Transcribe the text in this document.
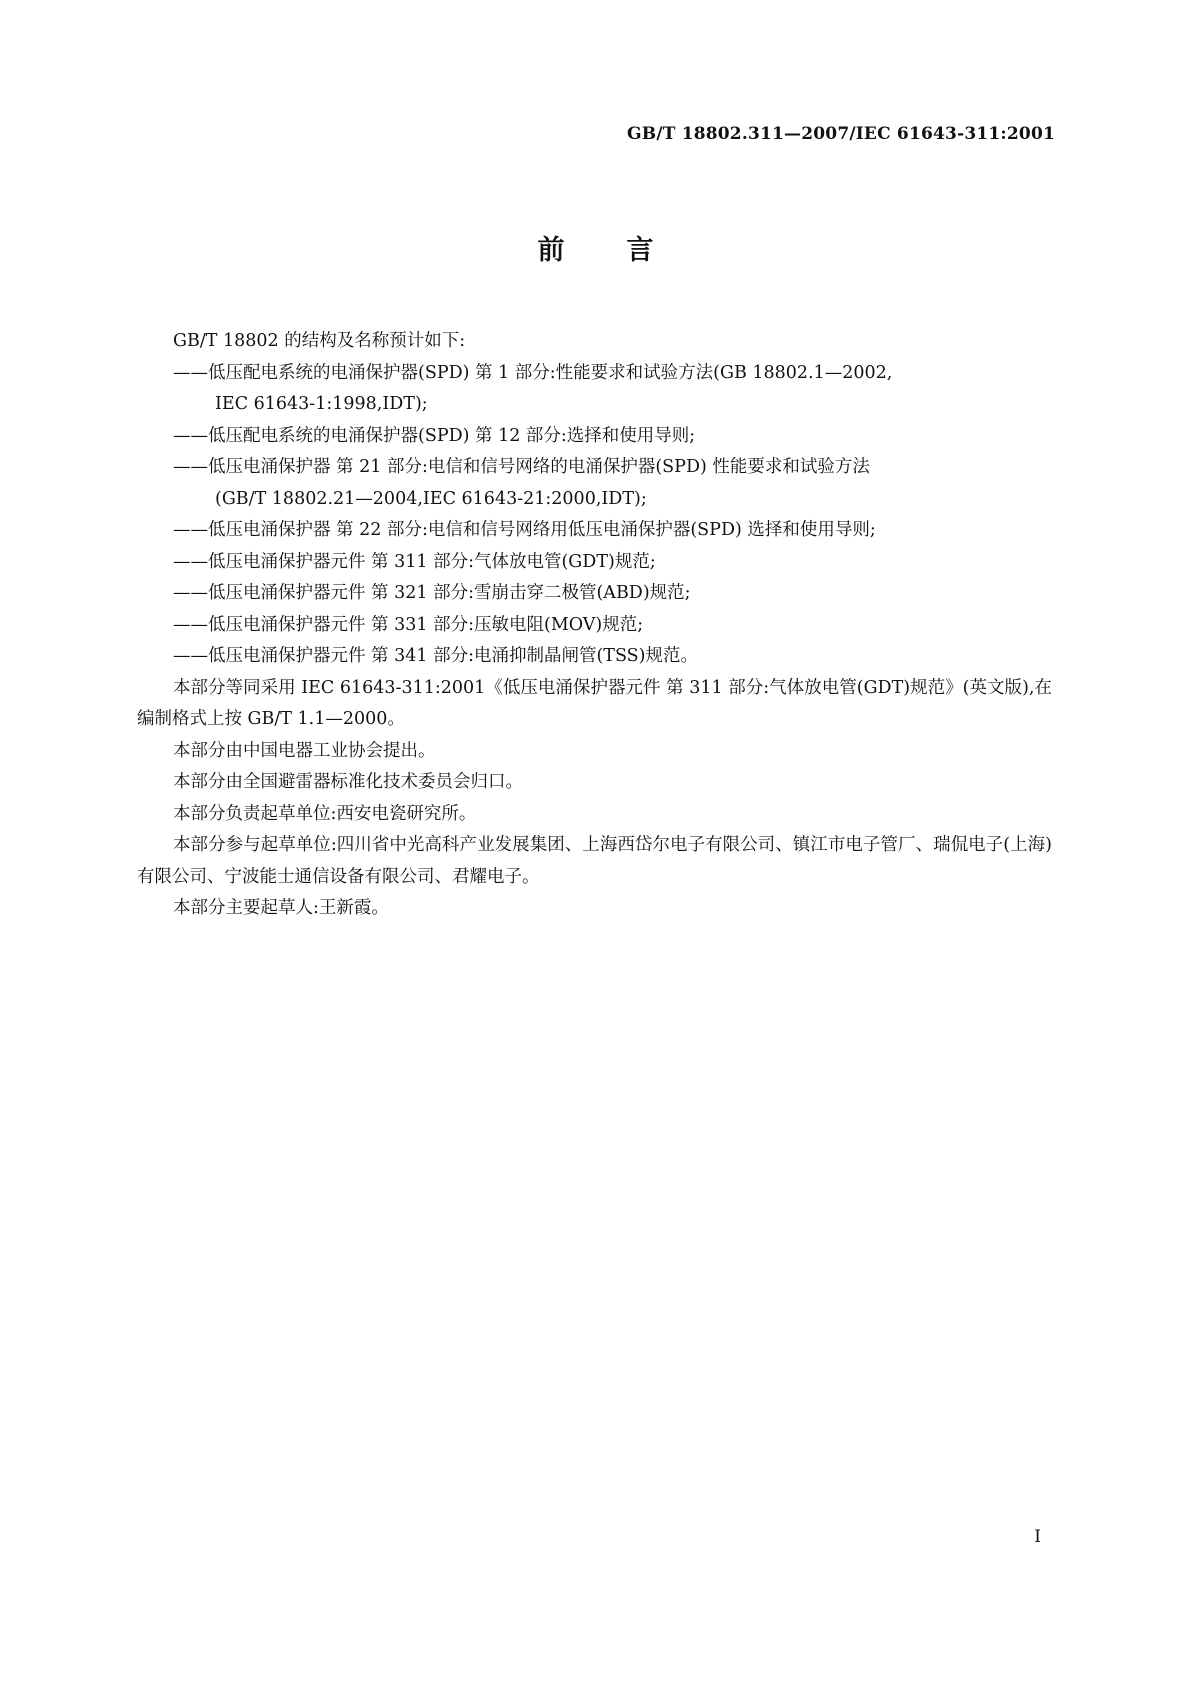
GB/T 18802.311—2007/IEC 61643-311:2001
前 言

GB/T 18802 的结构及名称预计如下:

——低压配电系统的电涌保护器(SPD) 第 1 部分:性能要求和试验方法(GB 18802.1—2002,

IEC 61643-1:1998,IDT);

——低压配电系统的电涌保护器(SPD) 第 12 部分:选择和使用导则;

——低压电涌保护器 第 21 部分:电信和信号网络的电涌保护器(SPD) 性能要求和试验方法

(GB/T 18802.21—2004,IEC 61643-21:2000,IDT);

——低压电涌保护器 第 22 部分:电信和信号网络用低压电涌保护器(SPD) 选择和使用导则;

——低压电涌保护器元件 第 311 部分:气体放电管(GDT)规范;

——低压电涌保护器元件 第 321 部分:雪崩击穿二极管(ABD)规范;

——低压电涌保护器元件 第 331 部分:压敏电阻(MOV)规范;

——低压电涌保护器元件 第 341 部分:电涌抑制晶闸管(TSS)规范。

本部分等同采用 IEC 61643-311:2001《低压电涌保护器元件 第 311 部分:气体放电管(GDT)规范》(英文版),在编制格式上按 GB/T 1.1—2000。

本部分由中国电器工业协会提出。

本部分由全国避雷器标准化技术委员会归口。

本部分负责起草单位:西安电瓷研究所。

本部分参与起草单位:四川省中光高科产业发展集团、上海西岱尔电子有限公司、镇江市电子管厂、瑞侃电子(上海)有限公司、宁波能士通信设备有限公司、君耀电子。

本部分主要起草人:王新霞。

I
